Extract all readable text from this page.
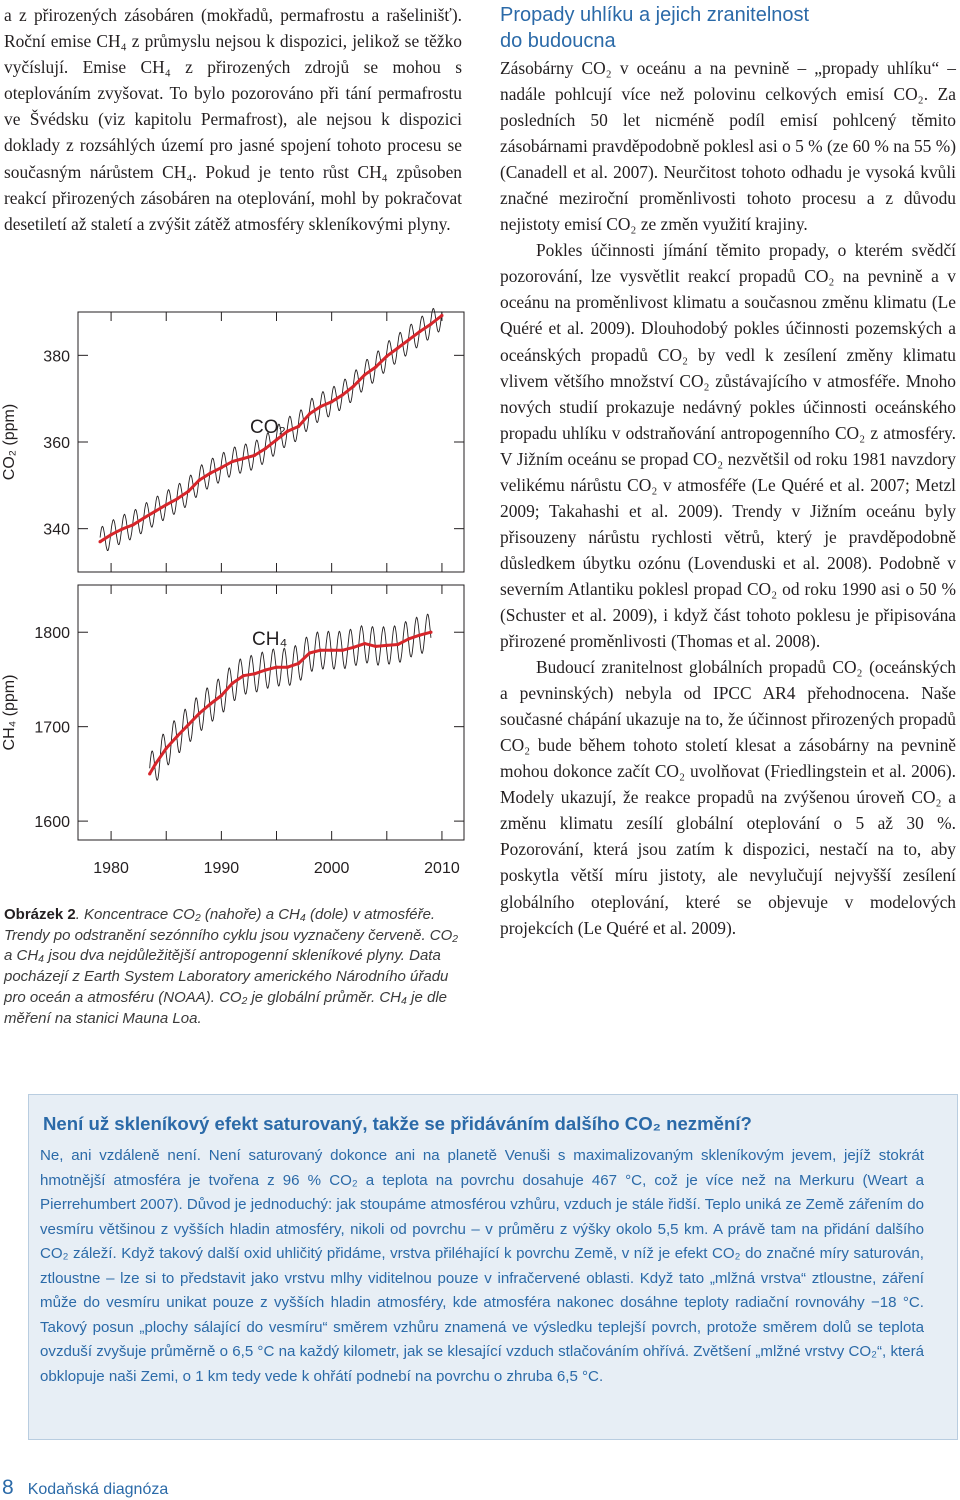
a z přirozených zásobáren (mokřadů, permafrostu a rašelinišť). Roční emise CH₄ z průmyslu nejsou k dispozici, jelikož se těžko vyčíslují. Emise CH₄ z přirozených zdrojů se mohou s oteplováním zvyšovat. To bylo pozorováno při tání permafrostu ve Švédsku (viz kapitolu Permafrost), ale nejsou k dispozici doklady z rozsáhlých území pro jasné spojení tohoto procesu se současným nárůstem CH₄. Pokud je tento růst CH₄ způsoben reakcí přirozených zásobáren na oteplování, mohl by pokračovat desetiletí až staletí a zvýšit zátěž atmosféry skleníkovými plyny.

Propady uhlíku a jejich zranitelnost
do budoucna

Zásobárny CO₂ v oceánu a na pevnině – „propady uhlíku“ – nadále pohlcují více než polovinu celkových emisí CO₂. Za posledních 50 let nicméně podíl emisí pohlcený těmito zásobárnami pravděpodobně poklesl asi o 5 % (ze 60 % na 55 %) (Canadell et al. 2007). Neurčitost tohoto odhadu je vysoká kvůli značné meziroční proměnlivosti tohoto procesu a z důvodu nejistoty emisí CO₂ ze změn využití krajiny.

Pokles účinnosti jímání těmito propady, o kterém svědčí pozorování, lze vysvětlit reakcí propadů CO₂ na pevnině a v oceánu na proměnlivost klimatu a současnou změnu klimatu (Le Quéré et al. 2009). Dlouhodobý pokles účinnosti pozemských a oceánských propadů CO₂ by vedl k zesílení změny klimatu vlivem většího množství CO₂ zůstávajícího v atmosféře. Mnoho nových studií prokazuje nedávný pokles účinnosti oceánského propadu uhlíku v odstraňování antropogenního CO₂ z atmosféry. V Jižním oceánu se propad CO₂ nezvětšil od roku 1981 navzdory velikému nárůstu CO₂ v atmosféře (Le Quéré et al. 2007; Metzl 2009; Takahashi et al. 2009). Trendy v Jižním oceánu byly přisouzeny nárůstu rychlosti větrů, který je pravděpodobně důsledkem úbytku ozónu (Lovenduski et al. 2008). Podobně v severním Atlantiku poklesl propad CO₂ od roku 1990 asi o 50 % (Schuster et al. 2009), i když část tohoto poklesu je připisována přirozené proměnlivosti (Thomas et al. 2008).

Budoucí zranitelnost globálních propadů CO₂ (oceánských a pevninských) nebyla od IPCC AR4 přehodnocena. Naše současné chápání ukazuje na to, že účinnost přirozených propadů CO₂ bude během tohoto století klesat a zásobárny na pevnině mohou dokonce začít CO₂ uvolňovat (Friedlingstein et al. 2006). Modely ukazují, že reakce propadů na zvýšenou úroveň CO₂ a změnu klimatu zesílí globální oteplování o 5 až 30 %. Pozorování, která jsou zatím k dispozici, nestačí na to, aby poskytla větší míru jistoty, ale nevylučují nejvyšší zesílení globálního oteplování, které se objevuje v modelových projekcích (Le Quéré et al. 2009).

340
360
380
CO₂ (ppm)	CO₂
1600
1700
1800
1980	1990	2000	2010
CH₄ (ppm)
CH₄
Obrázek 2. Koncentrace CO₂ (nahoře) a CH₄ (dole) v atmosféře. Trendy po odstranění sezónního cyklu jsou vyznačeny červeně. CO₂ a CH₄ jsou dva nejdůležitější antropogenní skleníkové plyny. Data pocházejí z Earth System Laboratory amerického Národního úřadu pro oceán a atmosféru (NOAA). CO₂ je globální průměr. CH₄ je dle měření na stanici Mauna Loa.
Není už skleníkový efekt saturovaný, takže se přidáváním dalšího CO₂ nezmění?

Ne, ani vzdáleně není. Není saturovaný dokonce ani na planetě Venuši s maximalizovaným skleníkovým jevem, jejíž stokrát hmotnější atmosféra je tvořena z 96 % CO₂ a teplota na povrchu dosahuje 467 °C, což je více než na Merkuru (Weart a Pierrehumbert 2007). Důvod je jednoduchý: jak stoupáme atmosférou vzhůru, vzduch je stále řidší. Teplo uniká ze Země zářením do vesmíru většinou z vyšších hladin atmosféry, nikoli od povrchu – v průměru z výšky okolo 5,5 km. A právě tam na přidání dalšího CO₂ záleží. Když takový další oxid uhličitý přidáme, vrstva přiléhající k povrchu Země, v níž je efekt CO₂ do značné míry saturován, ztloustne – lze si to představit jako vrstvu mlhy viditelnou pouze v infračervené oblasti. Když tato „mlžná vrstva“ ztloustne, záření může do vesmíru unikat pouze z vyšších hladin atmosféry, kde atmosféra nakonec dosáhne teploty radiační rovnováhy −18 °C. Takový posun „plochy sálající do vesmíru“ směrem vzhůru znamená ve výsledku teplejší povrch, protože směrem dolů se teplota ovzduší zvyšuje průměrně o 6,5 °C na každý kilometr, jak se klesající vzduch stlačováním ohřívá. Zvětšení „mlžné vrstvy CO₂“, která obklopuje naši Zemi, o 1 km tedy vede k ohřátí podnebí na povrchu o zhruba 6,5 °C.

8 Kodaňská diagnóza
